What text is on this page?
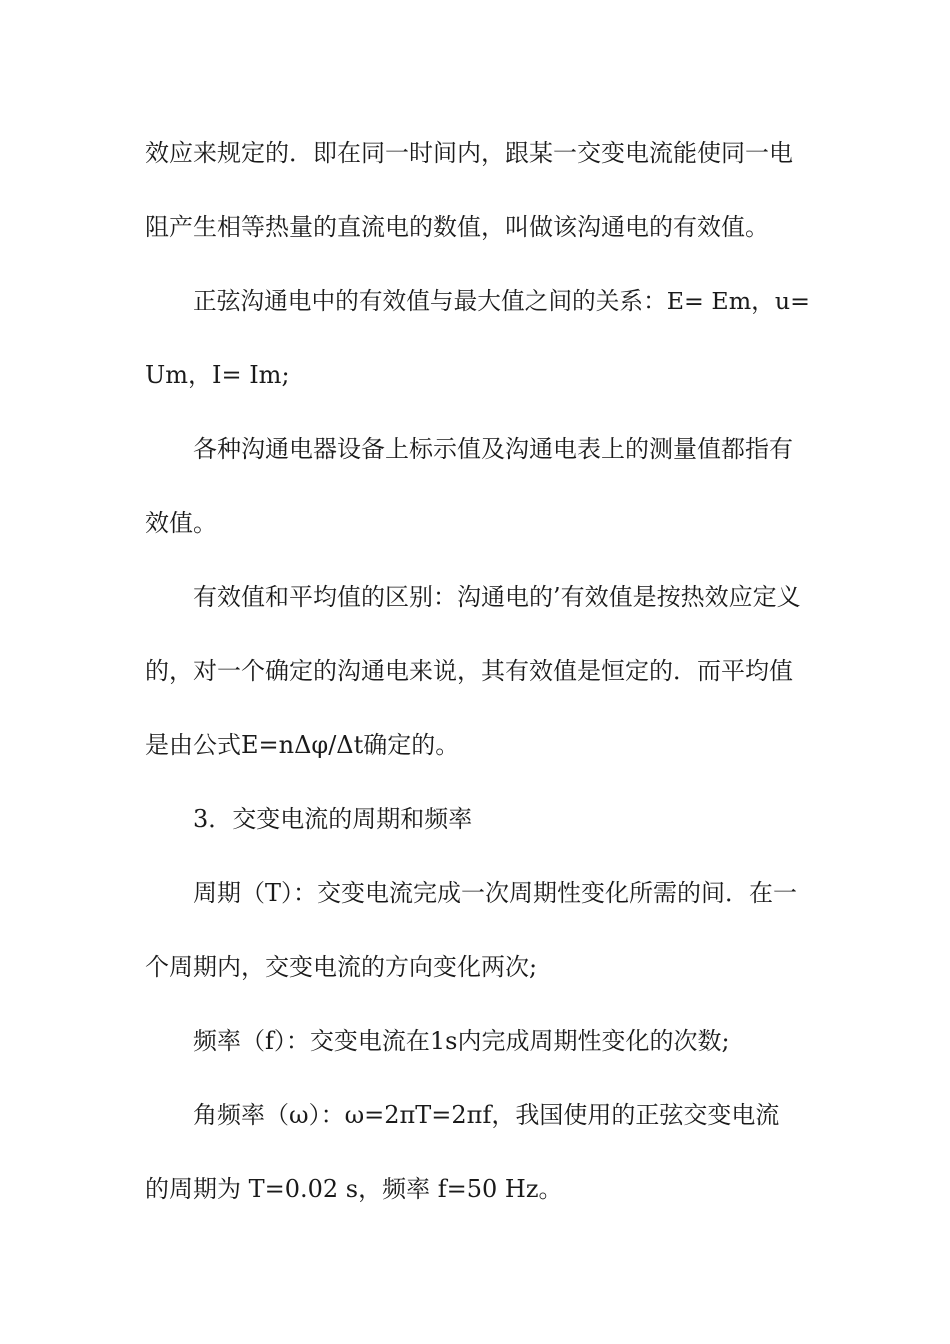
效应来规定的．即在同一时间内，跟某一交变电流能使同一电
阻产生相等热量的直流电的数值，叫做该沟通电的有效值。
正弦沟通电中的有效值与最大值之间的关系：E= Em，u=
Um，I= Im;
各种沟通电器设备上标示值及沟通电表上的测量值都指有
效值。
有效值和平均值的区别：沟通电的’有效值是按热效应定义
的，对一个确定的沟通电来说，其有效值是恒定的．而平均值
是由公式E=nΔφ/Δt确定的。
3．交变电流的周期和频率
周期（T）：交变电流完成一次周期性变化所需的间．在一
个周期内，交变电流的方向变化两次;
频率（f）：交变电流在1s内完成周期性变化的次数;
角频率（ω）：ω=2πT=2πf，我国使用的正弦交变电流
的周期为 T=0.02 s，频率 f=50 Hz。
